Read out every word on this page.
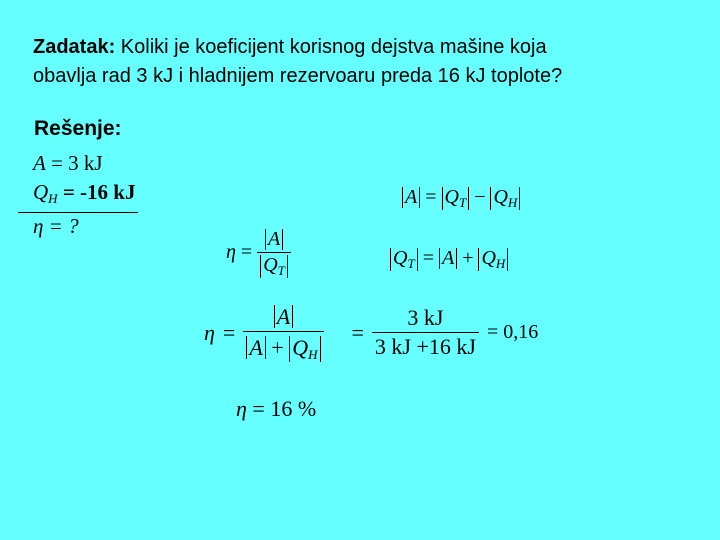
Zadatak: Koliki je koeficijent korisnog dejstva mašine koja
obavlja rad 3 kJ i hladnijem rezervoaru preda 16 kJ toplote?
Rešenje:
A = 3 kJ
$Q_H = -16$ kJ
η = ?
$A = Q_T - Q_H$
$Q_T = A + Q_H$
$\eta = \frac{A}{Q_T}$
$\eta = \frac{A}{A + Q_H} = \frac{3 kJ}{3 kJ +16 kJ} = 0,16$
η = 16 %
